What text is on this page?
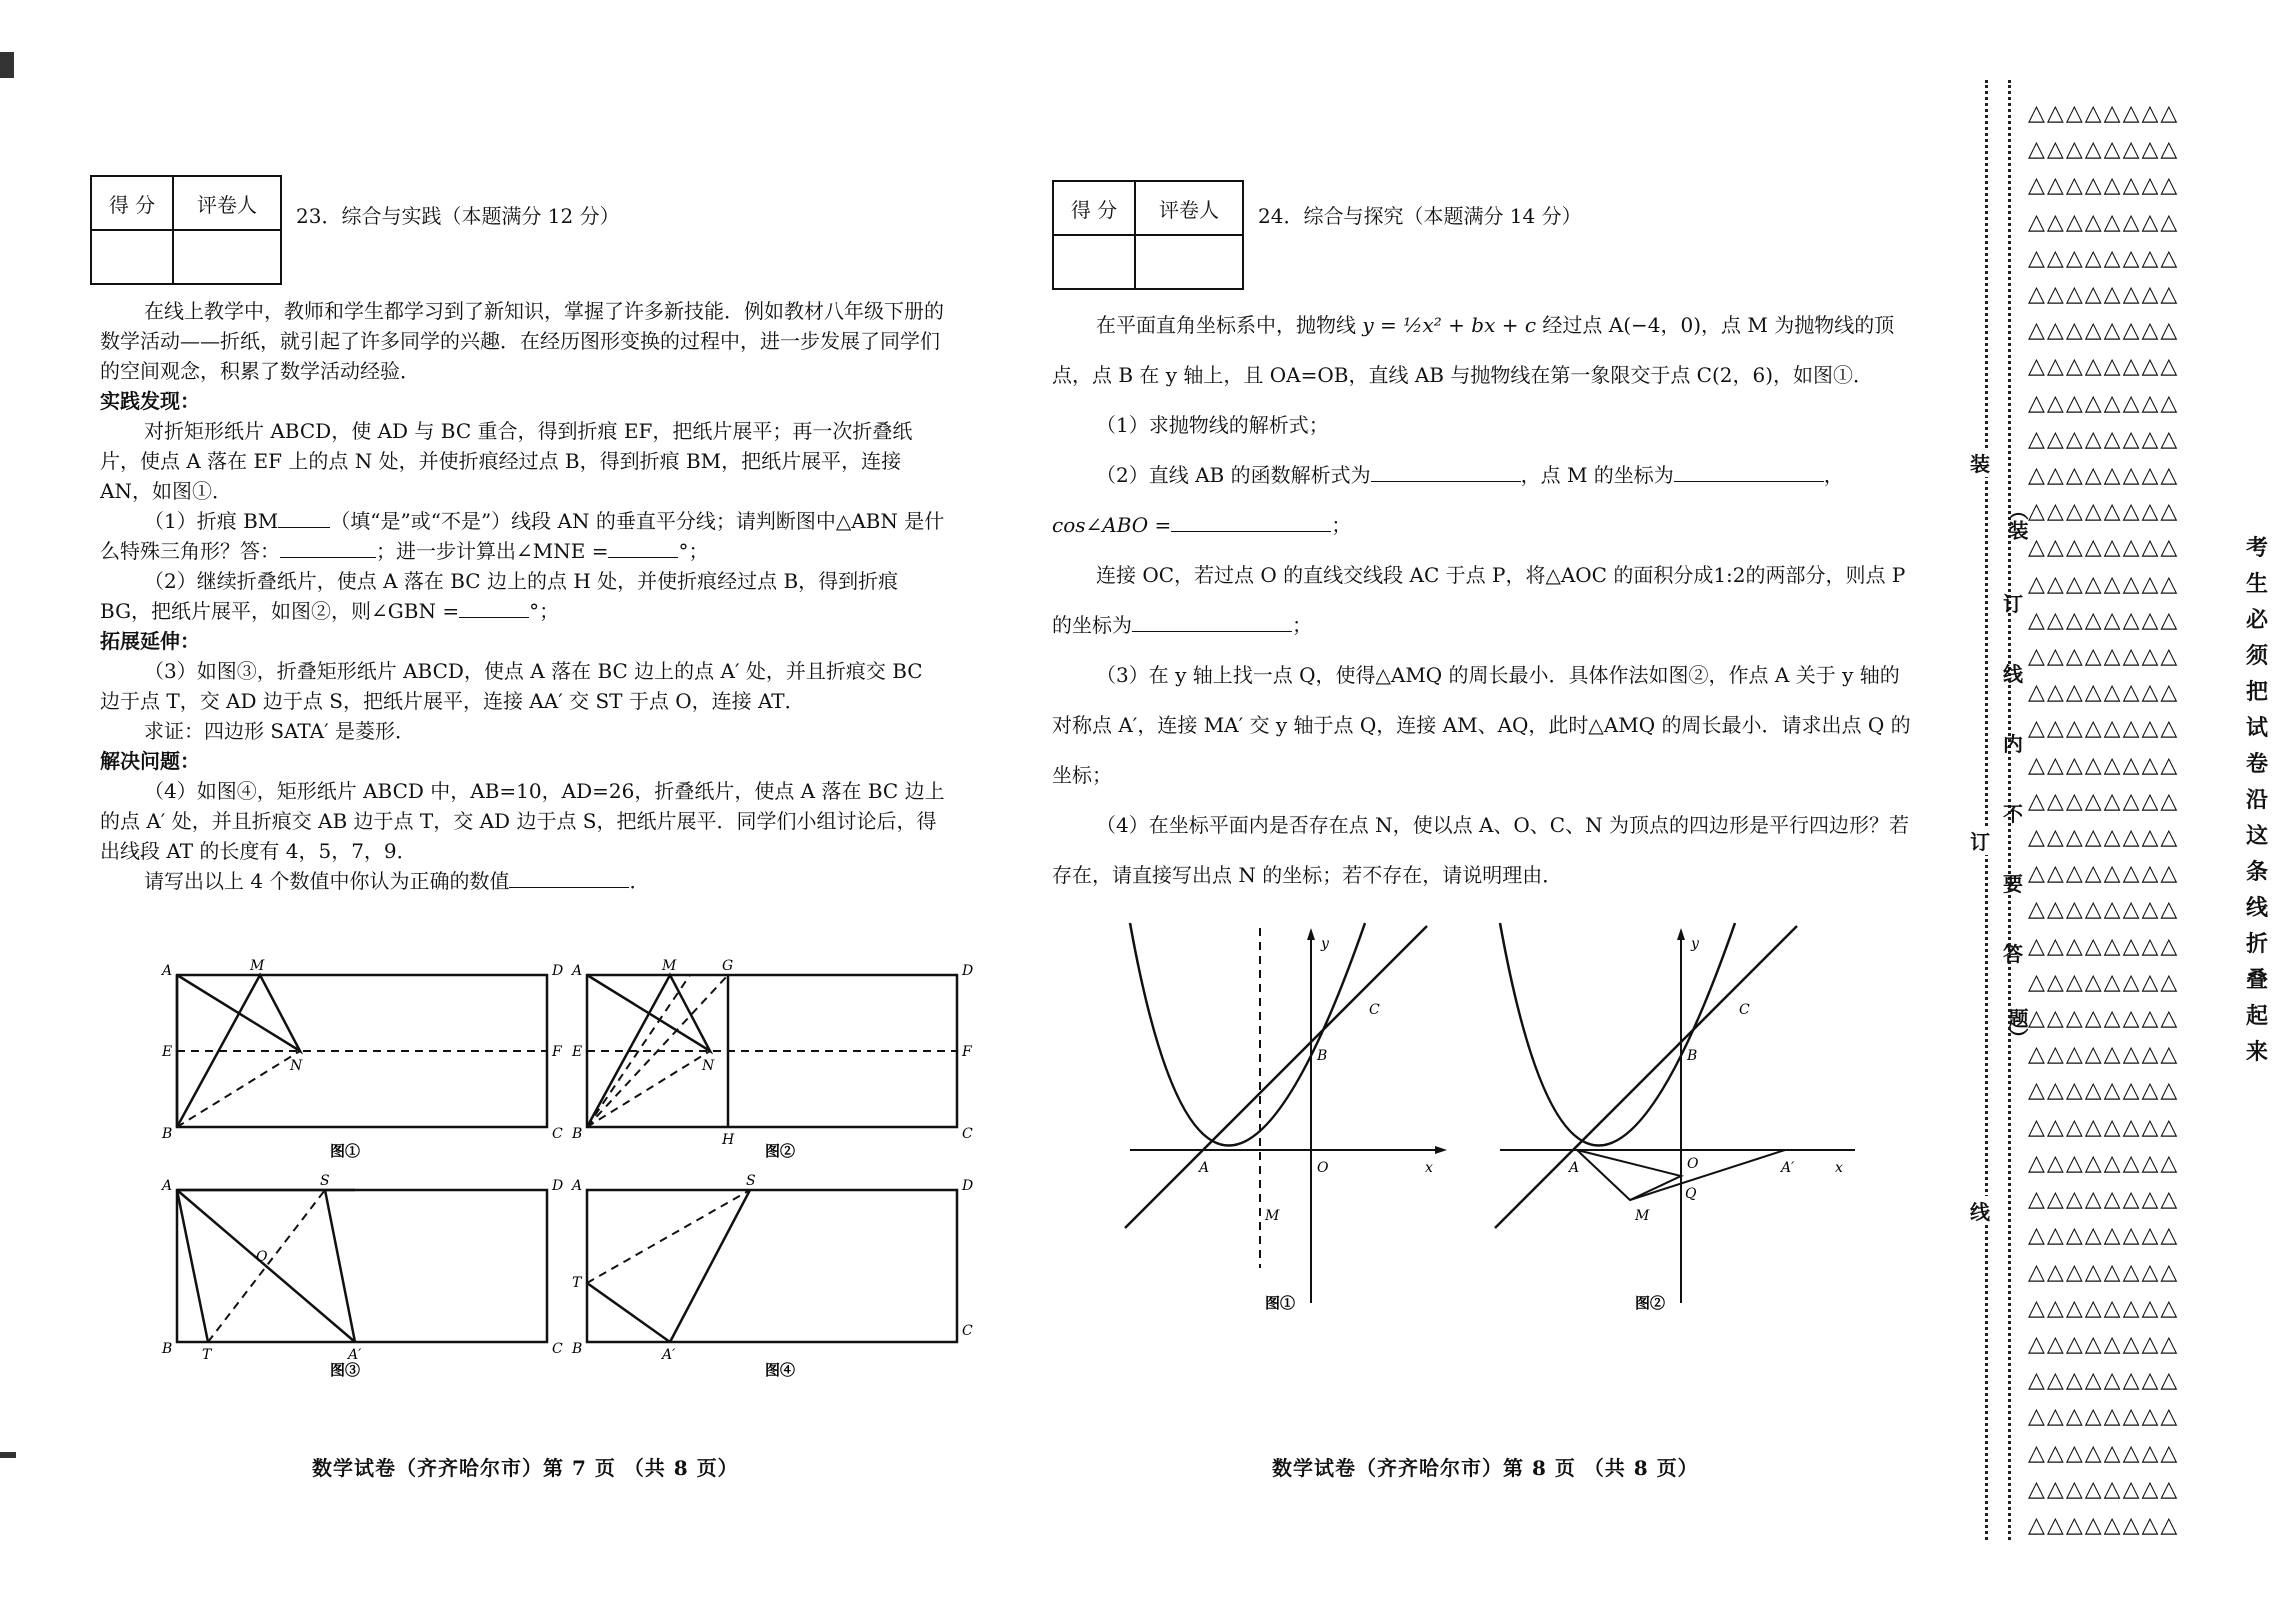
得 分	评卷人
	23．综合与实践（本题满分 12 分）

在线上教学中，教师和学生都学习到了新知识，掌握了许多新技能．例如教材八年级下册的数学活动——折纸，就引起了许多同学的兴趣．在经历图形变换的过程中，进一步发展了同学们的空间观念，积累了数学活动经验．

实践发现：

对折矩形纸片 ABCD，使 AD 与 BC 重合，得到折痕 EF，把纸片展平；再一次折叠纸片，使点 A 落在 EF 上的点 N 处，并使折痕经过点 B，得到折痕 BM，把纸片展平，连接 AN，如图①．

（1）折痕 BM	（填“是”或“不是”）线段 AN 的垂直平分线；请判断图中△ABN 是什么特殊三角形？答：	；进一步计算出∠MNE =	°；

（2）继续折叠纸片，使点 A 落在 BC 边上的点 H 处，并使折痕经过点 B，得到折痕 BG，把纸片展平，如图②，则∠GBN =	°；

拓展延伸：

（3）如图③，折叠矩形纸片 ABCD，使点 A 落在 BC 边上的点 A′ 处，并且折痕交 BC 边于点 T，交 AD 边于点 S，把纸片展平，连接 AA′ 交 ST 于点 O，连接 AT．

求证：四边形 SATA′ 是菱形．

解决问题：

（4）如图④，矩形纸片 ABCD 中，AB=10，AD=26，折叠纸片，使点 A 落在 BC 边上的点 A′ 处，并且折痕交 AB 边于点 T，交 AD 边于点 S，把纸片展平．同学们小组讨论后，得出线段 AT 的长度有 4，5，7，9．

请写出以上 4 个数值中你认为正确的数值	．

A	M	D
E	F
N
B	C
图①
A	M	G	D
E	F
N
B	H	C
图②
A	S	D
O
B T	A′	C
图③
A	S	D
T
B	A′
C
图④
数学试卷（齐齐哈尔市）第 7 页 （共 8 页）
得 分	评卷人
	24．综合与探究（本题满分 14 分）

在平面直角坐标系中，抛物线 y = ½x² + bx + c 经过点 A(−4，0)，点 M 为抛物线的顶点，点 B 在 y 轴上，且 OA=OB，直线 AB 与抛物线在第一象限交于点 C(2，6)，如图①．

（1）求抛物线的解析式；

（2）直线 AB 的函数解析式为	，点 M 的坐标为	，

cos∠ABO =	；

连接 OC，若过点 O 的直线交线段 AC 于点 P，将△AOC 的面积分成1:2的两部分，则点 P 的坐标为	；

（3）在 y 轴上找一点 Q，使得△AMQ 的周长最小．具体作法如图②，作点 A 关于 y 轴的对称点 A′，连接 MA′ 交 y 轴于点 Q，连接 AM、AQ，此时△AMQ 的周长最小．请求出点 Q 的坐标；

（4）在坐标平面内是否存在点 N，使以点 A、O、C、N 为顶点的四边形是平行四边形？若存在，请直接写出点 N 的坐标；若不存在，请说明理由．

y
C
B
A	O	x
M
图①
y
C
B
A	O	A′	x
Q
M
图②
数学试卷（齐齐哈尔市）第 8 页 （共 8 页）
装
（装
订
线
内
不
订
要
答
题）
线
△△△△△△△△
△△△△△△△△
△△△△△△△△
△△△△△△△△
△△△△△△△△
△△△△△△△△
△△△△△△△△
△△△△△△△△
△△△△△△△△
△△△△△△△△
△△△△△△△△
△△△△△△△△
△△△△△△△△
△△△△△△△△
△△△△△△△△
△△△△△△△△
△△△△△△△△
△△△△△△△△
△△△△△△△△
△△△△△△△△
△△△△△△△△
△△△△△△△△
△△△△△△△△
△△△△△△△△
△△△△△△△△
△△△△△△△△
△△△△△△△△
△△△△△△△△
△△△△△△△△
△△△△△△△△
△△△△△△△△
△△△△△△△△
△△△△△△△△
△△△△△△△△
△△△△△△△△
△△△△△△△△
△△△△△△△△
△△△△△△△△
△△△△△△△△
△△△△△△△△
考生必须把试卷沿这条线折叠起来
